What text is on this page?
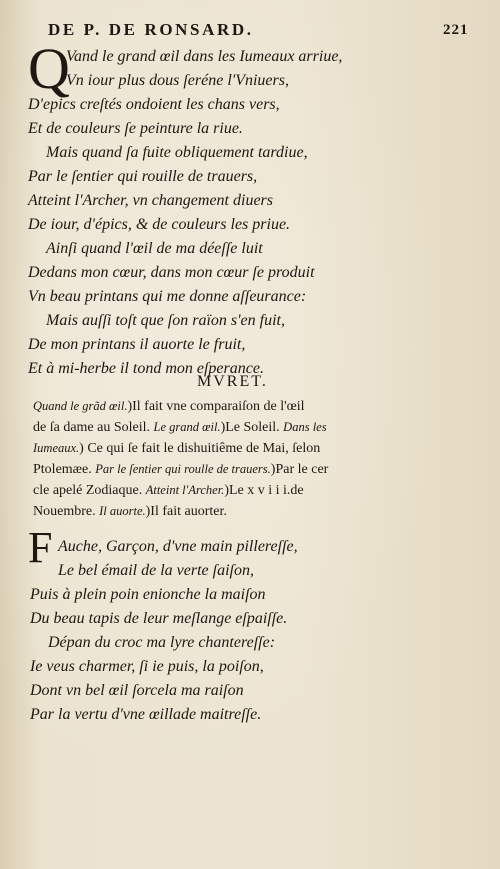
DE P. DE RONSARD.	221
Q
Vand le grand œil dans les Iumeaux arriue,
Vn iour plus dous ſeréne l'Vniuers,
D'epics creſtés ondoient les chans vers,
Et de couleurs ſe peinture la riue.
Mais quand ſa fuite obliquement tardiue,
Par le ſentier qui rouille de trauers,
Atteint l'Archer, vn changement diuers
De iour, d'épics, & de couleurs les priue.
Ainſi quand l'œil de ma déeſſe luit
Dedans mon cœur, dans mon cœur ſe produit
Vn beau printans qui me donne aſſeurance:
Mais auſſi toſt que ſon raïon s'en fuit,
De mon printans il auorte le fruit,
Et à mi-herbe il tond mon eſperance.
MVRET.
Quand le grãd œil.)Il fait vne comparaiſon de l'œil
de ſa dame au Soleil. Le grand œil.)Le Soleil. Dans les
Iumeaux.) Ce qui ſe fait le dishuitiême de Mai, ſelon
Ptolemæe. Par le ſentier qui roulle de trauers.)Par le cer
cle apelé Zodiaque. Atteint l'Archer.)Le x v i i i.de
Nouembre. Il auorte.)Il fait auorter.
F Auche, Garçon, d'vne main pillereſſe,
Le bel émail de la verte ſaiſon,
Puis à plein poin enionche la maiſon
Du beau tapis de leur meſlange eſpaiſſe.
Dépan du croc ma lyre chantereſſe:
Ie veus charmer, ſi ie puis, la poiſon,
Dont vn bel œil ſorcela ma raiſon
Par la vertu d'vne œillade maitreſſe.
